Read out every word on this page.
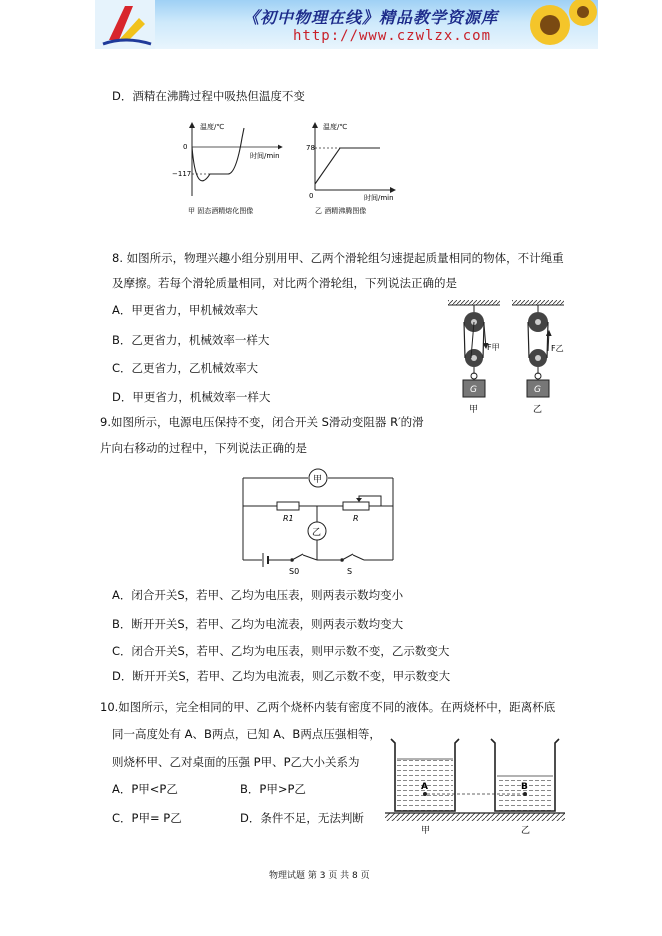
《初中物理在线》精品教学资源库
http://www.czwlzx.com
D．酒精在沸腾过程中吸热但温度不变
温度/℃
时间/min
0
−117
甲 固态酒精熔化图像
温度/℃
时间/min
78
0
乙 酒精沸腾图像
8. 如图所示，物理兴趣小组分别用甲、乙两个滑轮组匀速提起质量相同的物体，不计绳重
及摩擦。若每个滑轮质量相同，对比两个滑轮组，下列说法正确的是
A．甲更省力，甲机械效率大
B．乙更省力，机械效率一样大
C．乙更省力，乙机械效率大
D．甲更省力，机械效率一样大
F甲
G
甲
F乙
G
乙
9.如图所示，电源电压保持不变，闭合开关 S滑动变阻器 R′的滑
片向右移动的过程中，下列说法正确的是
甲
乙
R1	R
S0	S
A．闭合开关S，若甲、乙均为电压表，则两表示数均变小
B．断开开关S，若甲、乙均为电流表，则两表示数均变大
C．闭合开关S，若甲、乙均为电压表，则甲示数不变，乙示数变大
D．断开开关S，若甲、乙均为电流表，则乙示数不变，甲示数变大
10.如图所示，完全相同的甲、乙两个烧杯内装有密度不同的液体。在两烧杯中，距离杯底
同一高度处有 A、B两点，已知 A、B两点压强相等，
则烧杯甲、乙对桌面的压强 P甲、P乙大小关系为
A．P甲<P乙	B．P甲>P乙
C．P甲= P乙	D．条件不足，无法判断
A
甲
B
乙
物理试题 第 3 页 共 8 页
